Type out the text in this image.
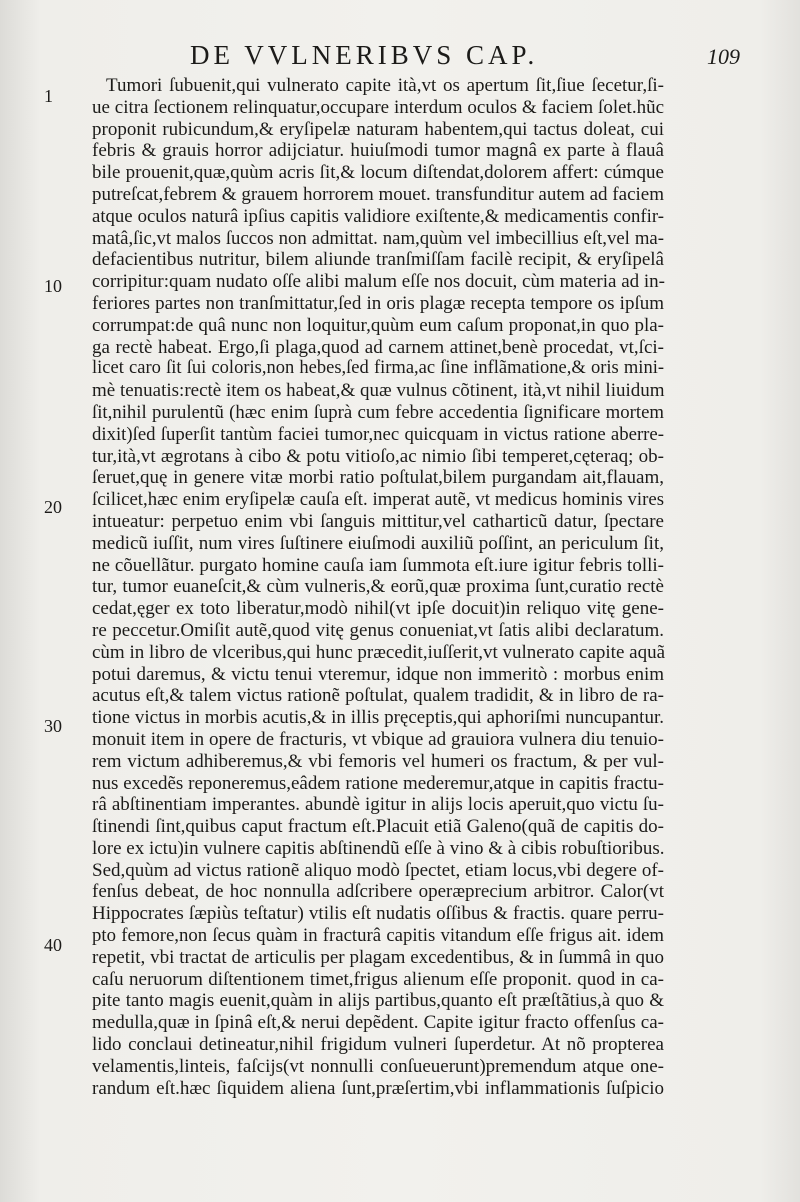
DE VVLNERIBVS CAP.	109
1
10
20
30
40
Tumori ſubuenit,qui vulnerato capite ità,vt os apertum ſit,ſiue ſecetur,ſi-
ue citra ſectionem relinquatur,occupare interdum oculos & faciem ſolet.hũc
proponit rubicundum,& eryſipelæ naturam habentem,qui tactus doleat, cui
febris & grauis horror adijciatur. huiuſmodi tumor magnâ ex parte à flauâ
bile prouenit,quæ,quùm acris ſit,& locum diſtendat,dolorem affert: cúmque
putreſcat,febrem & grauem horrorem mouet. transfunditur autem ad faciem
atque oculos naturâ ipſius capitis validiore exiſtente,& medicamentis confir-
matâ,ſic,vt malos ſuccos non admittat. nam,quùm vel imbecillius eſt,vel ma-
defacientibus nutritur, bilem aliunde tranſmiſſam facilè recipit, & eryſipelâ
corripitur:quam nudato oſſe alibi malum eſſe nos docuit, cùm materia ad in-
feriores partes non tranſmittatur,ſed in oris plagæ recepta tempore os ipſum
corrumpat:de quâ nunc non loquitur,quùm eum caſum proponat,in quo pla-
ga rectè habeat. Ergo,ſi plaga,quod ad carnem attinet,benè procedat, vt,ſci-
licet caro ſit ſui coloris,non hebes,ſed firma,ac ſine inflãmatione,& oris mini-
mè tenuatis:rectè item os habeat,& quæ vulnus cõtinent, ità,vt nihil liuidum
ſit,nihil purulentũ (hæc enim ſuprà cum febre accedentia ſignificare mortem
dixit)ſed ſuperſit tantùm faciei tumor,nec quicquam in victus ratione aberre-
tur,ità,vt ægrotans à cibo & potu vitioſo,ac nimio ſibi temperet,cęteraq; ob-
ſeruet,quę in genere vitæ morbi ratio poſtulat,bilem purgandam ait,flauam,
ſcilicet,hæc enim eryſipelæ cauſa eſt. imperat autẽ, vt medicus hominis vires
intueatur: perpetuo enim vbi ſanguis mittitur,vel catharticũ datur, ſpectare
medicũ iuſſit, num vires ſuſtinere eiuſmodi auxiliũ poſſint, an periculum ſit,
ne cõuellãtur. purgato homine cauſa iam ſummota eſt.iure igitur febris tolli-
tur, tumor euaneſcit,& cùm vulneris,& eorũ,quæ proxima ſunt,curatio rectè
cedat,ęger ex toto liberatur,modò nihil(vt ipſe docuit)in reliquo vitę gene-
re peccetur.Omiſit autẽ,quod vitę genus conueniat,vt ſatis alibi declaratum.
cùm in libro de vlceribus,qui hunc præcedit,iuſſerit,vt vulnerato capite aquã
potui daremus, & victu tenui vteremur, idque non immeritò : morbus enim
acutus eſt,& talem victus rationẽ poſtulat, qualem tradidit, & in libro de ra-
tione victus in morbis acutis,& in illis pręceptis,qui aphoriſmi nuncupantur.
monuit item in opere de fracturis, vt vbique ad grauiora vulnera diu tenuio-
rem victum adhiberemus,& vbi femoris vel humeri os fractum, & per vul-
nus excedẽs reponeremus,eâdem ratione mederemur,atque in capitis fractu-
râ abſtinentiam imperantes. abundè igitur in alijs locis aperuit,quo victu ſu-
ſtinendi ſint,quibus caput fractum eſt.Placuit etiã Galeno(quã de capitis do-
lore ex ictu)in vulnere capitis abſtinendũ eſſe à vino & à cibis robuſtioribus.
Sed,quùm ad victus rationẽ aliquo modò ſpectet, etiam locus,vbi degere of-
fenſus debeat, de hoc nonnulla adſcribere operæprecium arbitror. Calor(vt
Hippocrates ſæpiùs teſtatur) vtilis eſt nudatis oſſibus & fractis. quare perru-
pto femore,non ſecus quàm in fracturâ capitis vitandum eſſe frigus ait. idem
repetit, vbi tractat de articulis per plagam excedentibus, & in ſummâ in quo
caſu neruorum diſtentionem timet,frigus alienum eſſe proponit. quod in ca-
pite tanto magis euenit,quàm in alijs partibus,quanto eſt præſtãtius,à quo &
medulla,quæ in ſpinâ eſt,& nerui depẽdent. Capite igitur fracto offenſus ca-
lido conclaui detineatur,nihil frigidum vulneri ſuperdetur. At nõ propterea
velamentis,linteis, faſcijs(vt nonnulli conſueuerunt)premendum atque one-
randum eſt.hæc ſiquidem aliena ſunt,præſertim,vbi inflammationis ſuſpicio
